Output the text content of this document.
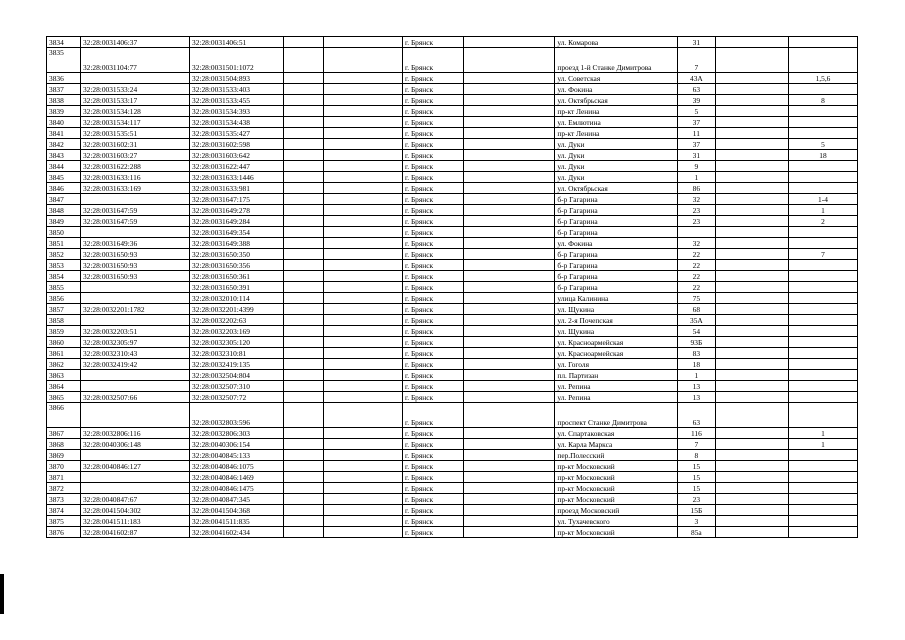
3834	32:28:0031406:37	32:28:0031406:51			г. Брянск		ул. Комарова	31		
3835	32:28:0031104:77	32:28:0031501:1072			г. Брянск		проезд 1-й Станке Димитрова	7		
3836		32:28:0031504:893			г. Брянск		ул. Советская	43А		1,5,6
3837	32:28:0031533:24	32:28:0031533:403			г. Брянск		ул. Фокина	63		
3838	32:28:0031533:17	32:28:0031533:455			г. Брянск		ул. Октябрьская	39		8
3839	32:28:0031534:128	32:28:0031534:393			г. Брянск		пр-кт Ленина	5		
3840	32:28:0031534:117	32:28:0031534:438			г. Брянск		ул. Емлютина	37		
3841	32:28:0031535:51	32:28:0031535:427			г. Брянск		пр-кт Ленина	11		
3842	32:28:0031602:31	32:28:0031602:598			г. Брянск		ул. Дуки	37		5
3843	32:28:0031603:27	32:28:0031603:642			г. Брянск		ул. Дуки	31		18
3844	32:28:0031622:288	32:28:0031622:447			г. Брянск		ул. Дуки	9		
3845	32:28:0031633:116	32:28:0031633:1446			г. Брянск		ул. Дуки	1		
3846	32:28:0031633:169	32:28:0031633:981			г. Брянск		ул. Октябрьская	86		
3847		32:28:0031647:175			г. Брянск		б-р Гагарина	32		1-4
3848	32:28:0031647:59	32:28:0031649:278			г. Брянск		б-р Гагарина	23		1
3849	32:28:0031647:59	32:28:0031649:284			г. Брянск		б-р Гагарина	23		2
3850		32:28:0031649:354			г. Брянск		б-р Гагарина			
3851	32:28:0031649:36	32:28:0031649:388			г. Брянск		ул. Фокина	32		
3852	32:28:0031650:93	32:28:0031650:350			г. Брянск		б-р Гагарина	22		7
3853	32:28:0031650:93	32:28:0031650:356			г. Брянск		б-р Гагарина	22		
3854	32:28:0031650:93	32:28:0031650:361			г. Брянск		б-р Гагарина	22		
3855		32:28:0031650:391			г. Брянск		б-р Гагарина	22		
3856		32:28:0032010:114			г. Брянск		улица Калинина	75		
3857	32:28:0032201:1782	32:28:0032201:4399			г. Брянск		ул. Щукина	68		
3858		32:28:0032202:63			г. Брянск		ул. 2-я Почепская	35А		
3859	32:28:0032203:51	32:28:0032203:169			г. Брянск		ул. Щукина	54		
3860	32:28:0032305:97	32:28:0032305:120			г. Брянск		ул. Красноармейская	93Б		
3861	32:28:0032310:43	32:28:0032310:81			г. Брянск		ул. Красноармейская	83		
3862	32:28:0032419:42	32:28:0032419:135			г. Брянск		ул. Гоголя	18		
3863		32:28:0032504:804			г. Брянск		пл. Партизан	1		
3864		32:28:0032507:310			г. Брянск		ул. Репина	13		
3865	32:28:0032507:66	32:28:0032507:72			г. Брянск		ул. Репина	13		
3866		32:28:0032803:596			г. Брянск		проспект Станке Димитрова	63		
3867	32:28:0032806:116	32:28:0032806:303			г. Брянск		ул. Спартаковская	116		1
3868	32:28:0040306:148	32:28:0040306:154			г. Брянск		ул. Карла Маркса	7		1
3869		32:28:0040845:133			г. Брянск		пер.Полесский	8		
3870	32:28:0040846:127	32:28:0040846:1075			г. Брянск		пр-кт Московский	15		
3871		32:28:0040846:1469			г. Брянск		пр-кт Московский	15		
3872		32:28:0040846:1475			г. Брянск		пр-кт Московский	15		
3873	32:28:0040847:67	32:28:0040847:345			г. Брянск		пр-кт Московский	23		
3874	32:28:0041504:302	32:28:0041504:368			г. Брянск		проезд Московский	15Б		
3875	32:28:0041511:183	32:28:0041511:835			г. Брянск		ул. Тухачевского	3		
3876	32:28:0041602:87	32:28:0041602:434			г. Брянск		пр-кт Московский	85а		
